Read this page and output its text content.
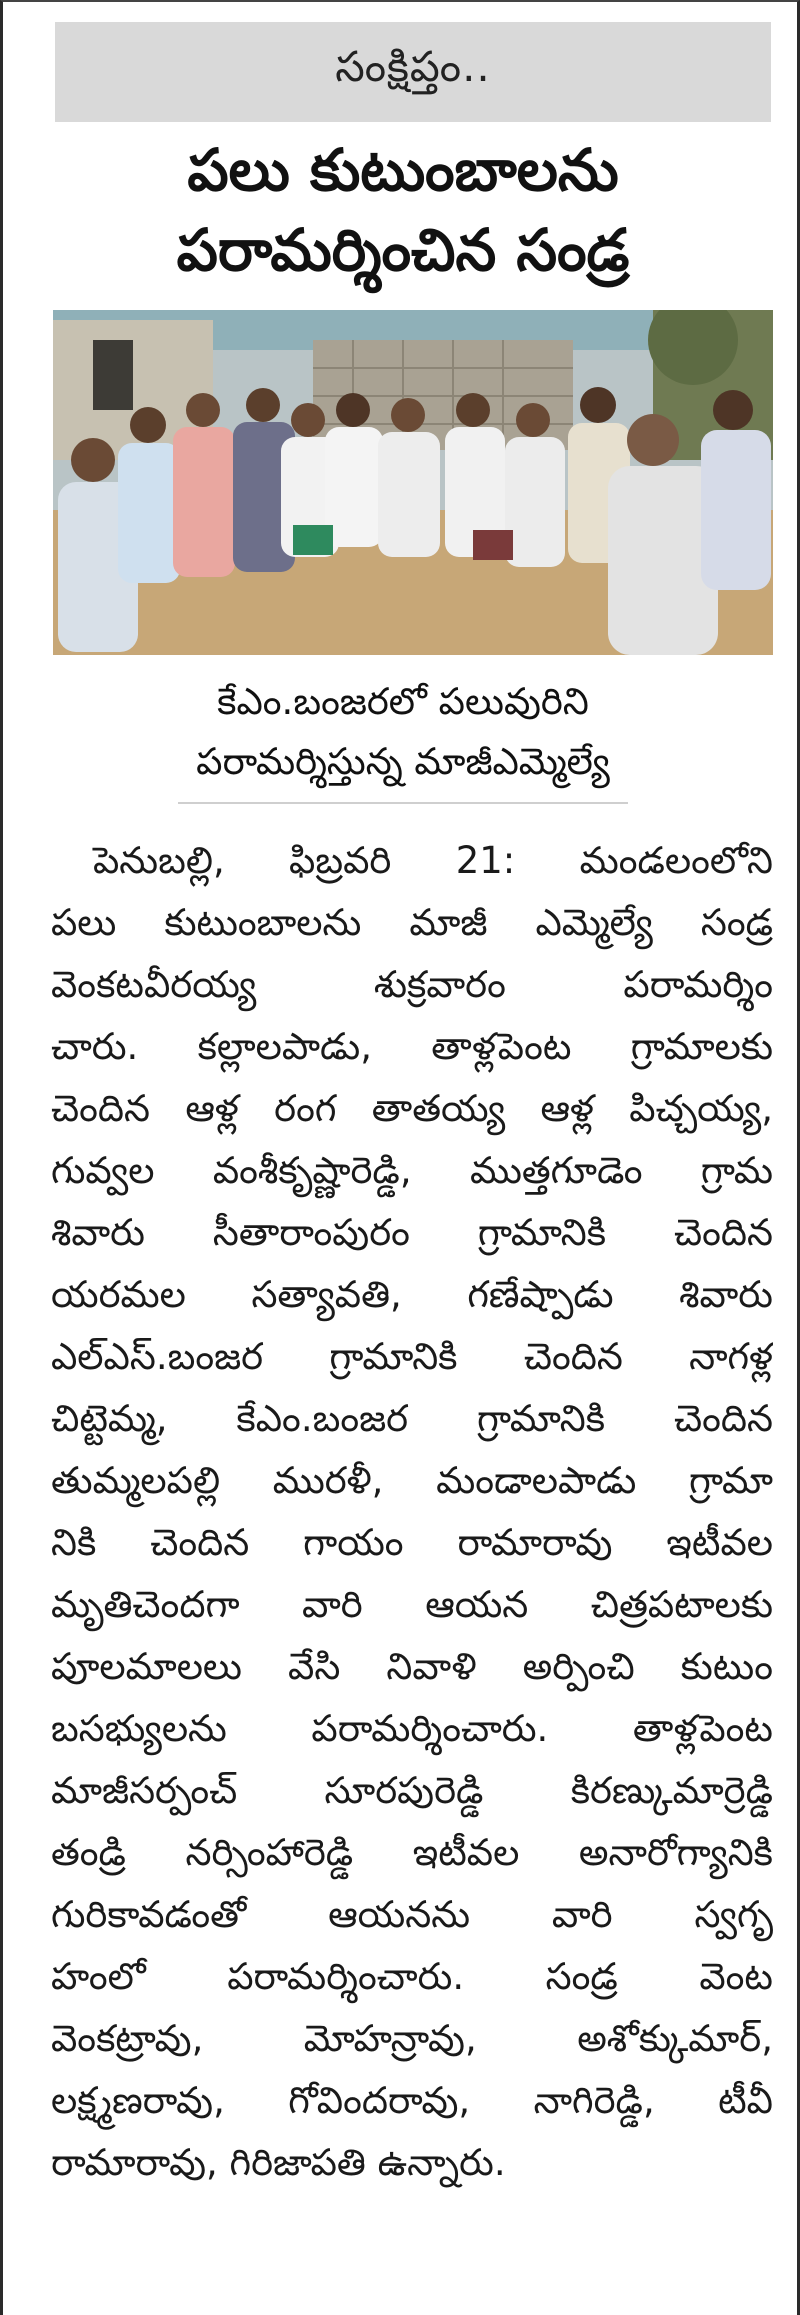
సంక్షిప్తం..
పలు కుటుంబాలను
పరామర్శించిన సండ్ర
కేఎం.బంజరలో పలువురిని
పరామర్శిస్తున్న మాజీఎమ్మెల్యే
పెనుబల్లి, ఫిబ్రవరి 21: మండలంలోని
పలు కుటుంబాలను మాజీ ఎమ్మెల్యే సండ్ర
వెంకటవీరయ్య శుక్రవారం పరామర్శిం
చారు. కల్లాలపాడు, తాళ్లపెంట గ్రామాలకు
చెందిన ఆళ్ల రంగ తాతయ్య ఆళ్ల పిచ్చయ్య,
గువ్వల వంశీకృష్ణారెడ్డి, ముత్తగూడెం గ్రామ
శివారు సీతారాంపురం గ్రామానికి చెందిన
యరమల సత్యావతి, గణేష్పాడు శివారు
ఎల్ఎస్.బంజర గ్రామానికి చెందిన నాగళ్ల
చిట్టెమ్మ, కేఎం.బంజర గ్రామానికి చెందిన
తుమ్మలపల్లి మురళీ, మండాలపాడు గ్రామా
నికి చెందిన గాయం రామారావు ఇటీవల
మృతిచెందగా వారి ఆయన చిత్రపటాలకు
పూలమాలలు వేసి నివాళి అర్పించి కుటుం
బసభ్యులను పరామర్శించారు. తాళ్లపెంట
మాజీసర్పంచ్ సూరపురెడ్డి కిరణ్కుమార్రెడ్డి
తండ్రి నర్సింహారెడ్డి ఇటీవల అనారోగ్యానికి
గురికావడంతో ఆయనను వారి స్వగృ
హంలో పరామర్శించారు. సండ్ర వెంట
వెంకట్రావు, మోహన్రావు, అశోక్కుమార్,
లక్ష్మణరావు, గోవిందరావు, నాగిరెడ్డి, టీవీ
రామారావు, గిరిజాపతి ఉన్నారు.
